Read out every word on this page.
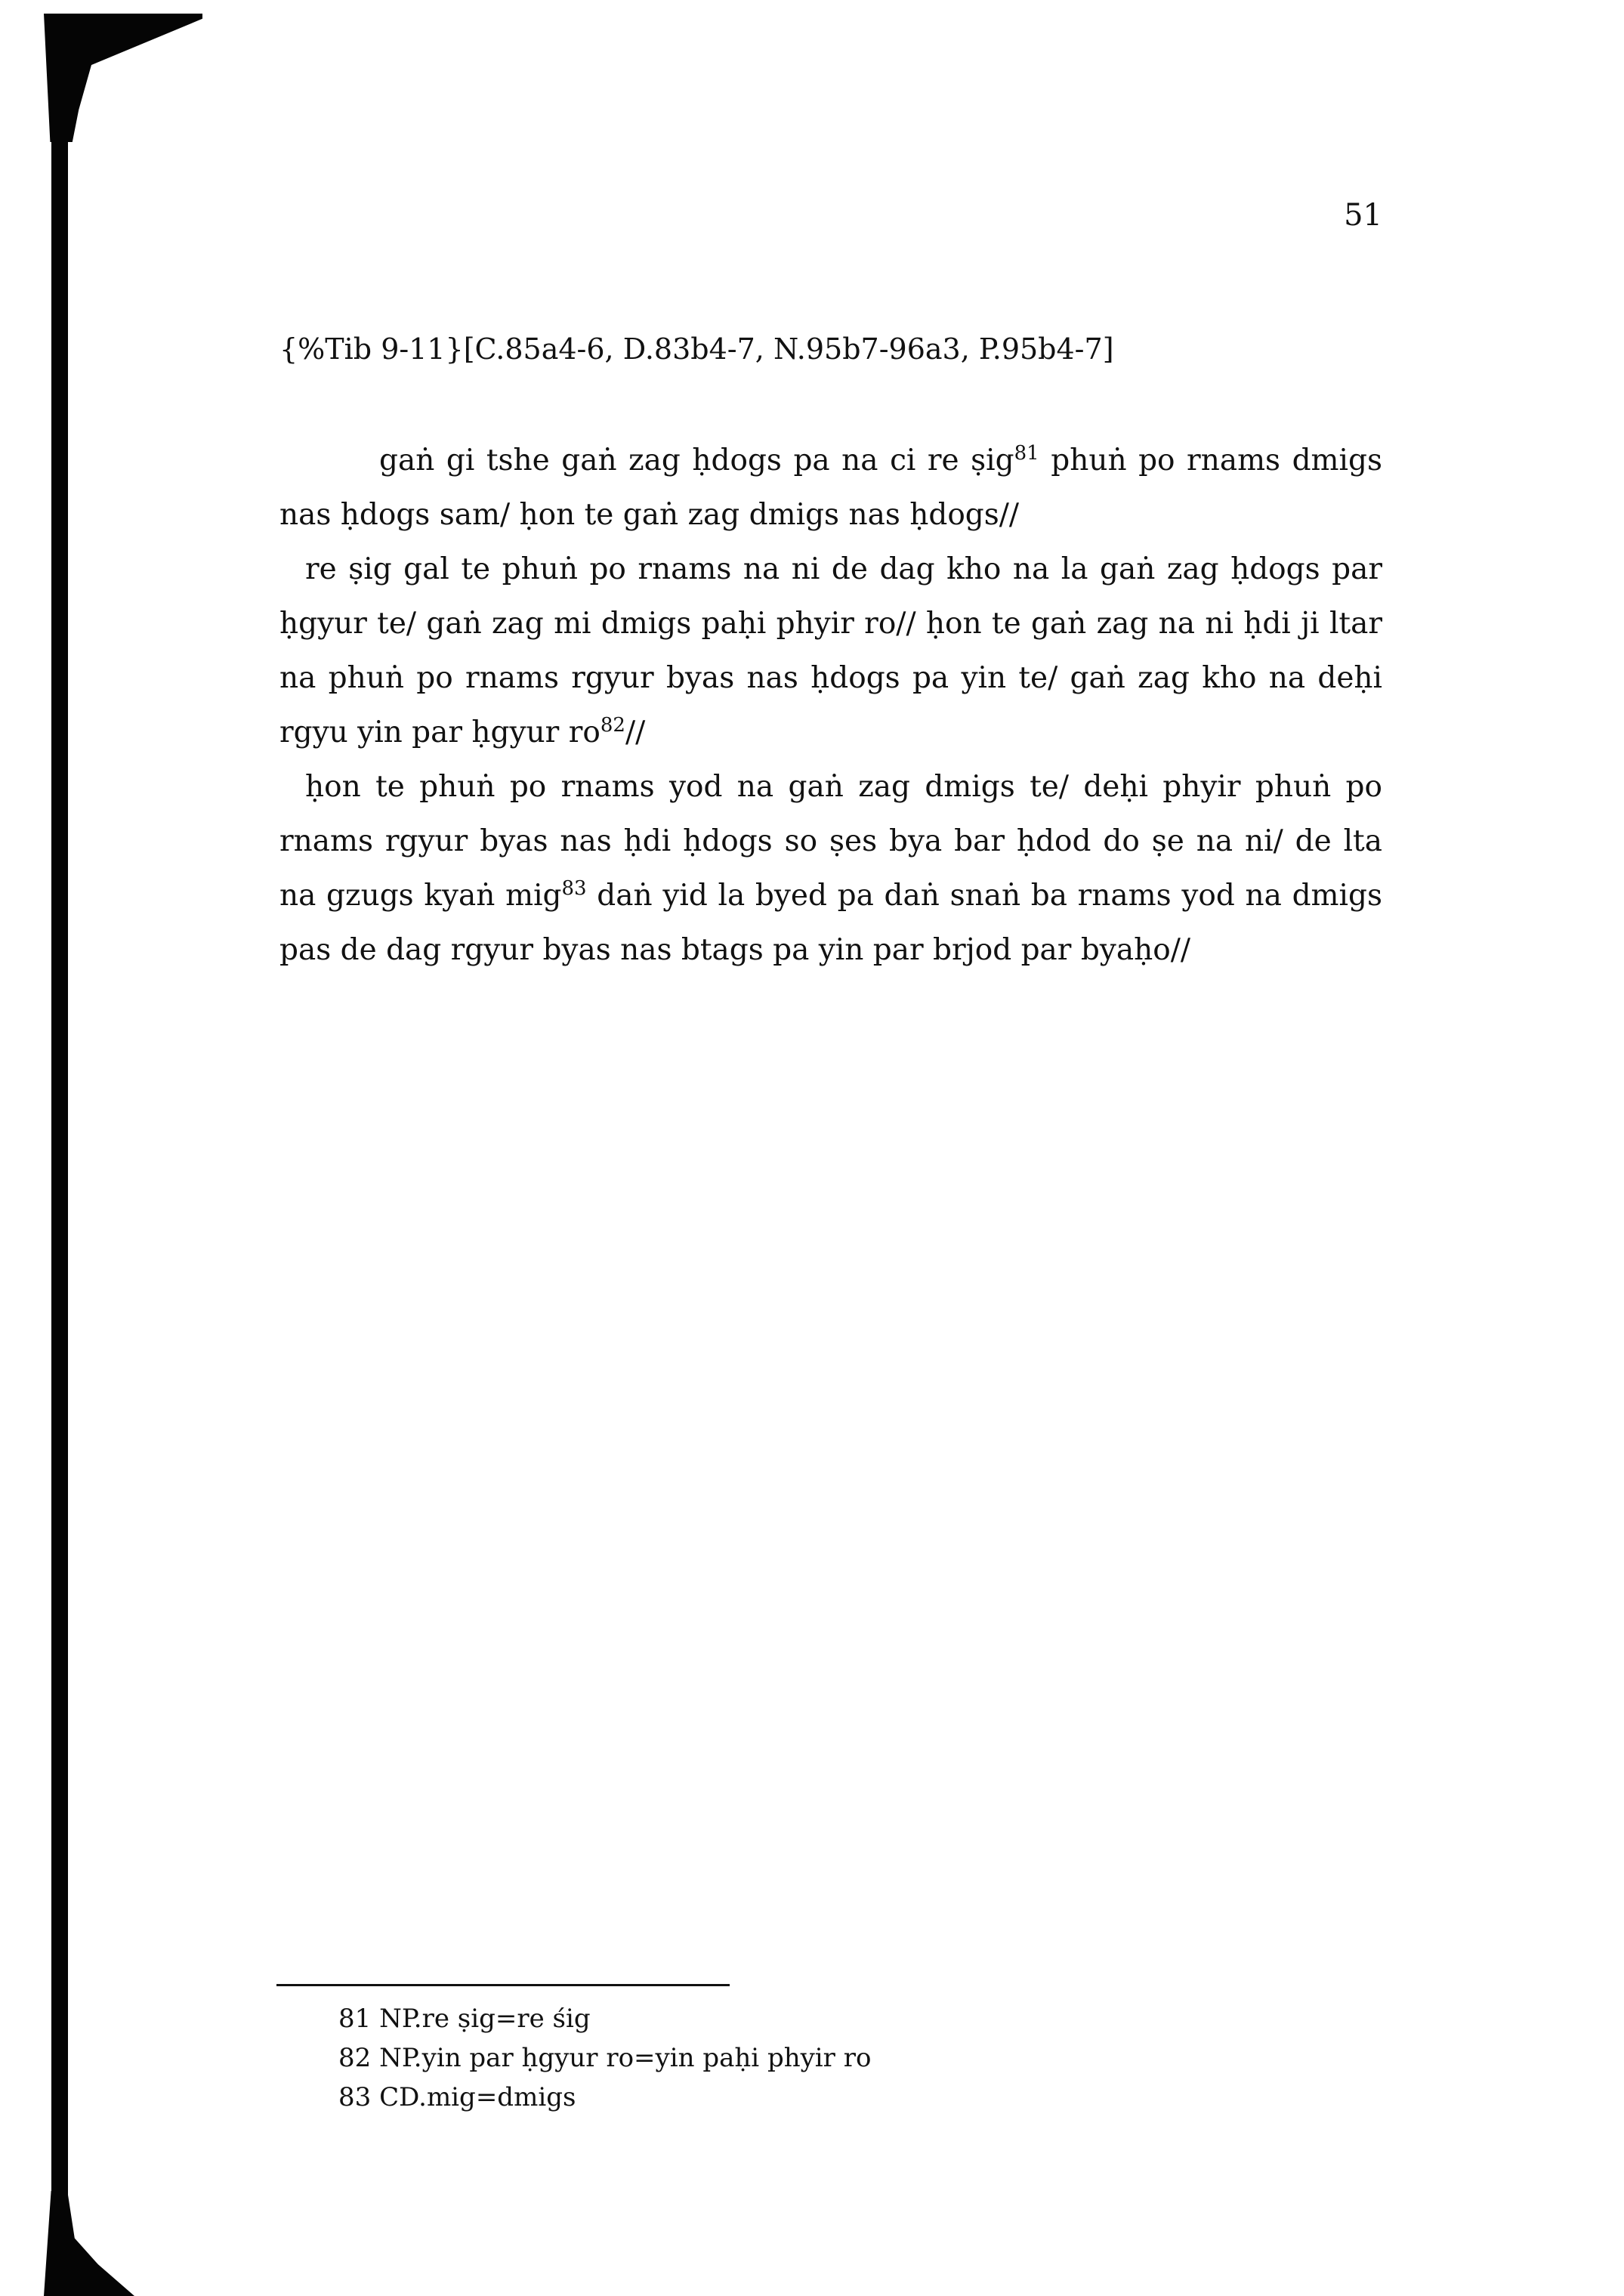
51
{%Tib 9-11}[C.85a4-6, D.83b4-7, N.95b7-96a3, P.95b4-7]

gaṅ gi tshe gaṅ zag ḥdogs pa na ci re ṣig$^{81}$ phuṅ po rnams dmigs nas ḥdogs sam/ ḥon te gaṅ zag dmigs nas ḥdogs//

re ṣig gal te phuṅ po rnams na ni de dag kho na la gaṅ zag ḥdogs par ḥgyur te/ gaṅ zag mi dmigs paḥi phyir ro// ḥon te gaṅ zag na ni ḥdi ji ltar na phuṅ po rnams rgyur byas nas ḥdogs pa yin te/ gaṅ zag kho na deḥi rgyu yin par ḥgyur $ro^{82}//$

ḥon te phuṅ po rnams yod na gaṅ zag dmigs te/ deḥi phyir phuṅ po rnams rgyur byas nas ḥdi ḥdogs so ṣes bya bar ḥdod do ṣe na ni/ de lta na gzugs kyaṅ mig$^{83}$ daṅ yid la byed pa daṅ snaṅ ba rnams yod na dmigs pas de dag rgyur byas nas btags pa yin par brjod par byaḥo//

81 NP.re ṣig=re śig
82 NP.yin par ḥgyur ro=yin paḥi phyir ro
83 CD.mig=dmigs
